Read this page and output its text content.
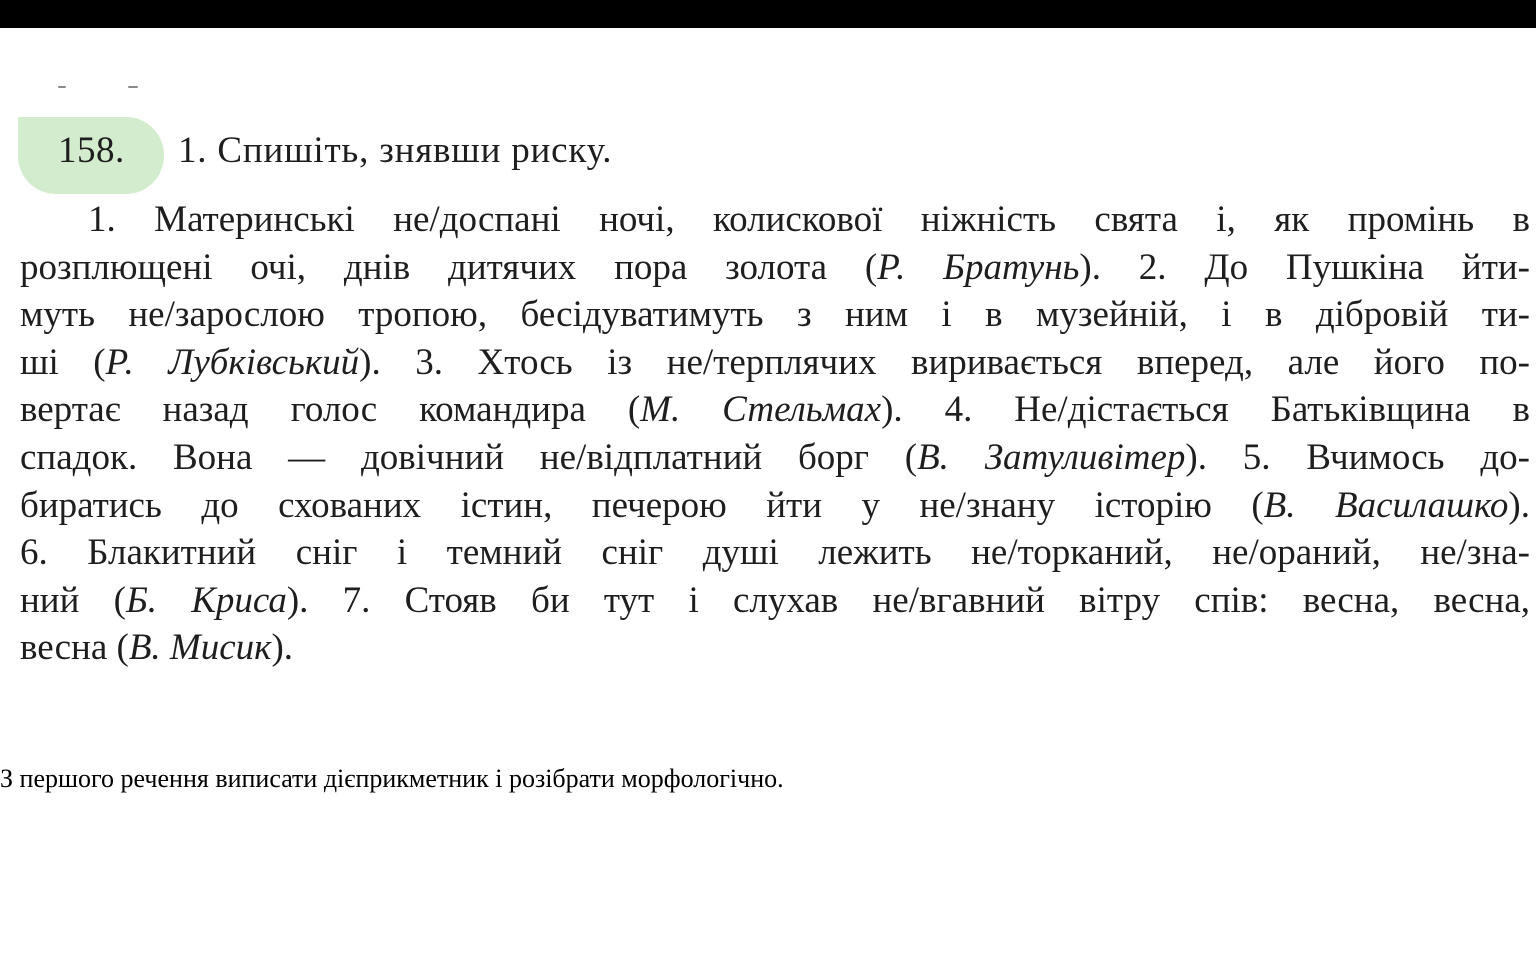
158. 1. Спишіть, знявши риску.
1. Материнські не/доспані ночі, колискової ніжність свята і, як промінь в
розплющені очі, днів дитячих пора золота (Р. Братунь). 2. До Пушкіна йти-
муть не/зарослою тропою, бесідуватимуть з ним і в музейній, і в дібровій ти-
ші (Р. Лубківський). 3. Хтось із не/терплячих виривається вперед, але його по-
вертає назад голос командира (М. Стельмах). 4. Не/дістається Батьківщина в
спадок. Вона — довічний не/відплатний борг (В. Затуливітер). 5. Вчимось до-
биратись до схованих істин, печерою йти у не/знану історію (В. Василашко).
6. Блакитний сніг і темний сніг душі лежить не/торканий, не/ораний, не/зна-
ний (Б. Криса). 7. Стояв би тут і слухав не/вгавний вітру спів: весна, весна,
весна (В. Мисик).
З першого речення виписати дієприкметник і розібрати морфологічно.
